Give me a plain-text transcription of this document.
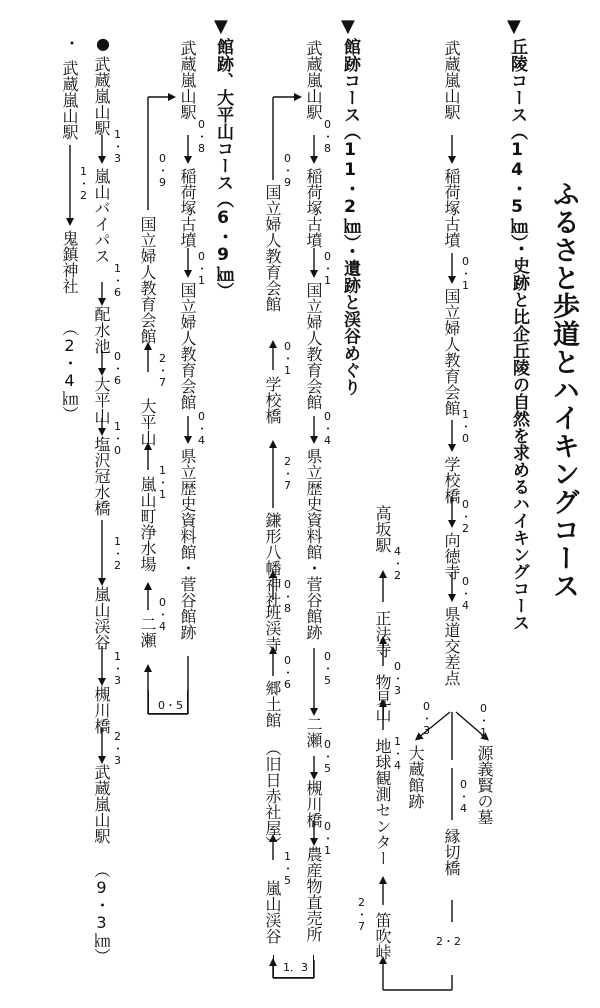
ふるさと歩道とハイキングコース
・史跡と比企丘陵の自然を求めるハイキングコース
▼
丘陵コース（14・5㎞）
武蔵嵐山駅
稲荷塚古墳
0・1
国立婦人教育会館
1・0
学校橋
0・2
向徳寺
0・4
県道交差点
0・3	0・1
大蔵館跡	源義賢の墓
0・4
縁切橋
2・2
高坂駅
4・2
正法寺
0・3
物見山
1・4
地球観測センター
2・7 笛吹峠
▼
館跡コース（11・2㎞）・遺跡と渓谷めぐり
武蔵嵐山駅
0・8
稲荷塚古墳
0・1
国立婦人教育会館
0・4
県立歴史資料館・菅谷館跡
0・5
二瀬
0・5
槻川橋
0・1
農産物直売所
国立婦人教育会館
0・9
0・1
学校橋
2・7
鎌形八幡神社 0・8
班渓寺
0・6
郷土館
（旧日赤社屋）
1・5
嵐山渓谷
1．3
▼
館跡、大平山コース（6・9㎞）
武蔵嵐山駅
0・8
稲荷塚古墳
0・1
国立婦人教育会館
0・4
県立歴史資料館・菅谷館跡
国立婦人教育会館
0・9
2・7
大平山
1・1
嵐山町浄水場
0・4
二瀬
0・5
●
武蔵嵐山駅
1・3
嵐山バイパス
1・6
配水池
0・6
大平山
1・0
塩沢冠水橋
1・2
嵐山渓谷
1・3
槻川橋
2・3
武蔵嵐山駅
（9・3㎞）
・
武蔵嵐山駅
1・2
鬼鎮神社
（2・4㎞）
